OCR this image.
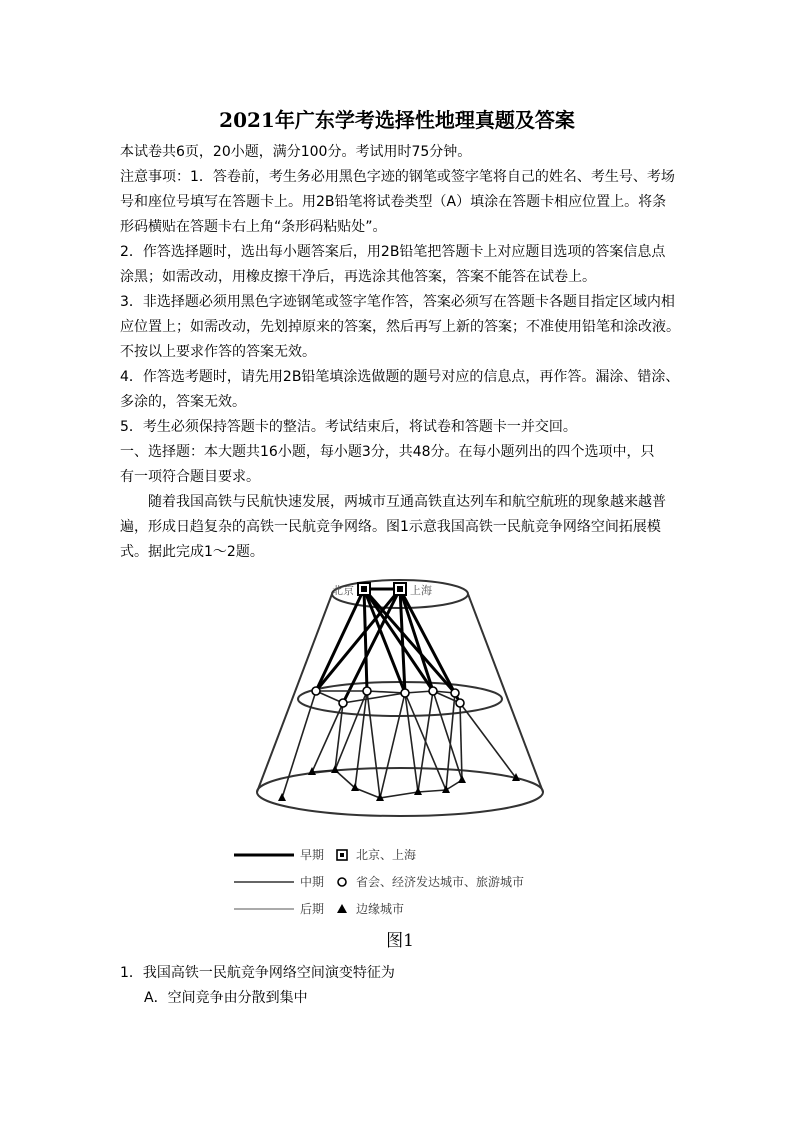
2021年广东学考选择性地理真题及答案
本试卷共6页，20小题，满分100分。考试用时75分钟。
注意事项：1．答卷前，考生务必用黑色字迹的钢笔或签字笔将自己的姓名、考生号、考场
号和座位号填写在答题卡上。用2B铅笔将试卷类型（A）填涂在答题卡相应位置上。将条
形码横贴在答题卡右上角“条形码粘贴处”。
2．作答选择题时，选出每小题答案后，用2B铅笔把答题卡上对应题目选项的答案信息点
涂黑；如需改动，用橡皮擦干净后，再选涂其他答案，答案不能答在试卷上。
3．非选择题必须用黑色字迹钢笔或签字笔作答，答案必须写在答题卡各题目指定区域内相
应位置上；如需改动，先划掉原来的答案，然后再写上新的答案；不准使用铅笔和涂改液。
不按以上要求作答的答案无效。
4．作答选考题时，请先用2B铅笔填涂选做题的题号对应的信息点，再作答。漏涂、错涂、
多涂的，答案无效。
5．考生必须保持答题卡的整洁。考试结束后，将试卷和答题卡一并交回。
一、选择题：本大题共16小题，每小题3分，共48分。在每小题列出的四个选项中，只
有一项符合题目要求。
随着我国高铁与民航快速发展，两城市互通高铁直达列车和航空航班的现象越来越普
遍，形成日趋复杂的高铁一民航竞争网络。图1示意我国高铁一民航竞争网络空间拓展模
式。据此完成1～2题。
北京	上海
早期	北京、上海
中期	省会、经济发达城市、旅游城市
后期	边缘城市
图1
1．我国高铁一民航竞争网络空间演变特征为
A．空间竞争由分散到集中
